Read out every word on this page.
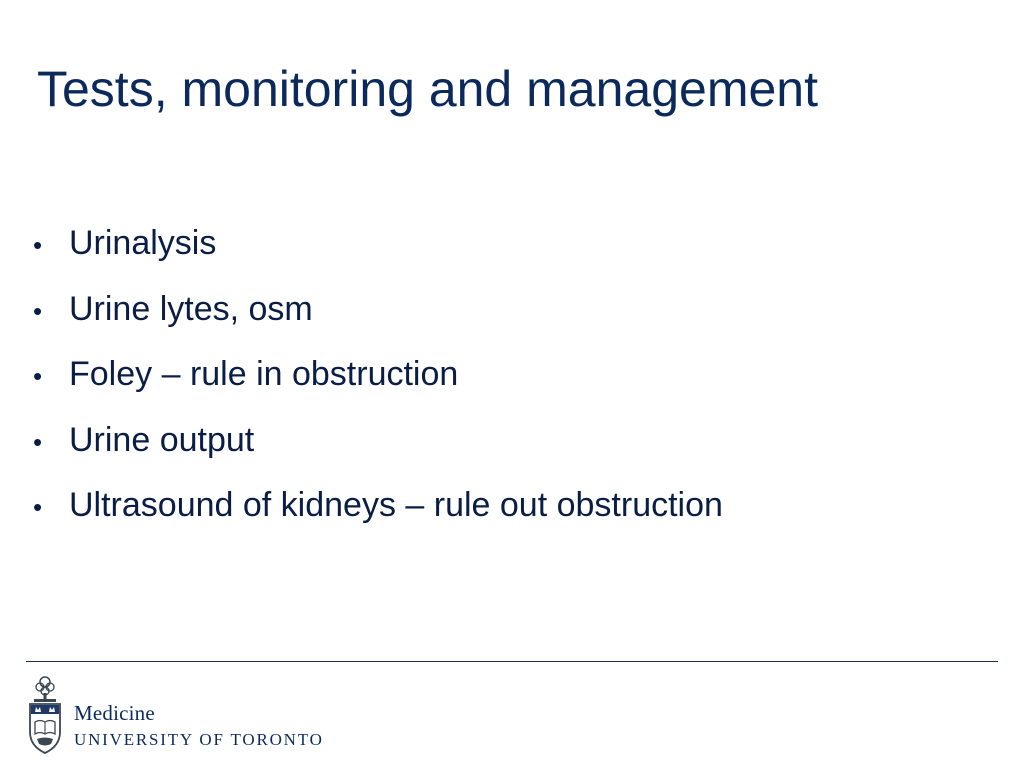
Tests, monitoring and management
• Urinalysis
• Urine lytes, osm
• Foley – rule in obstruction
• Urine output
• Ultrasound of kidneys – rule out obstruction
Medicine
UNIVERSITY OF TORONTO
